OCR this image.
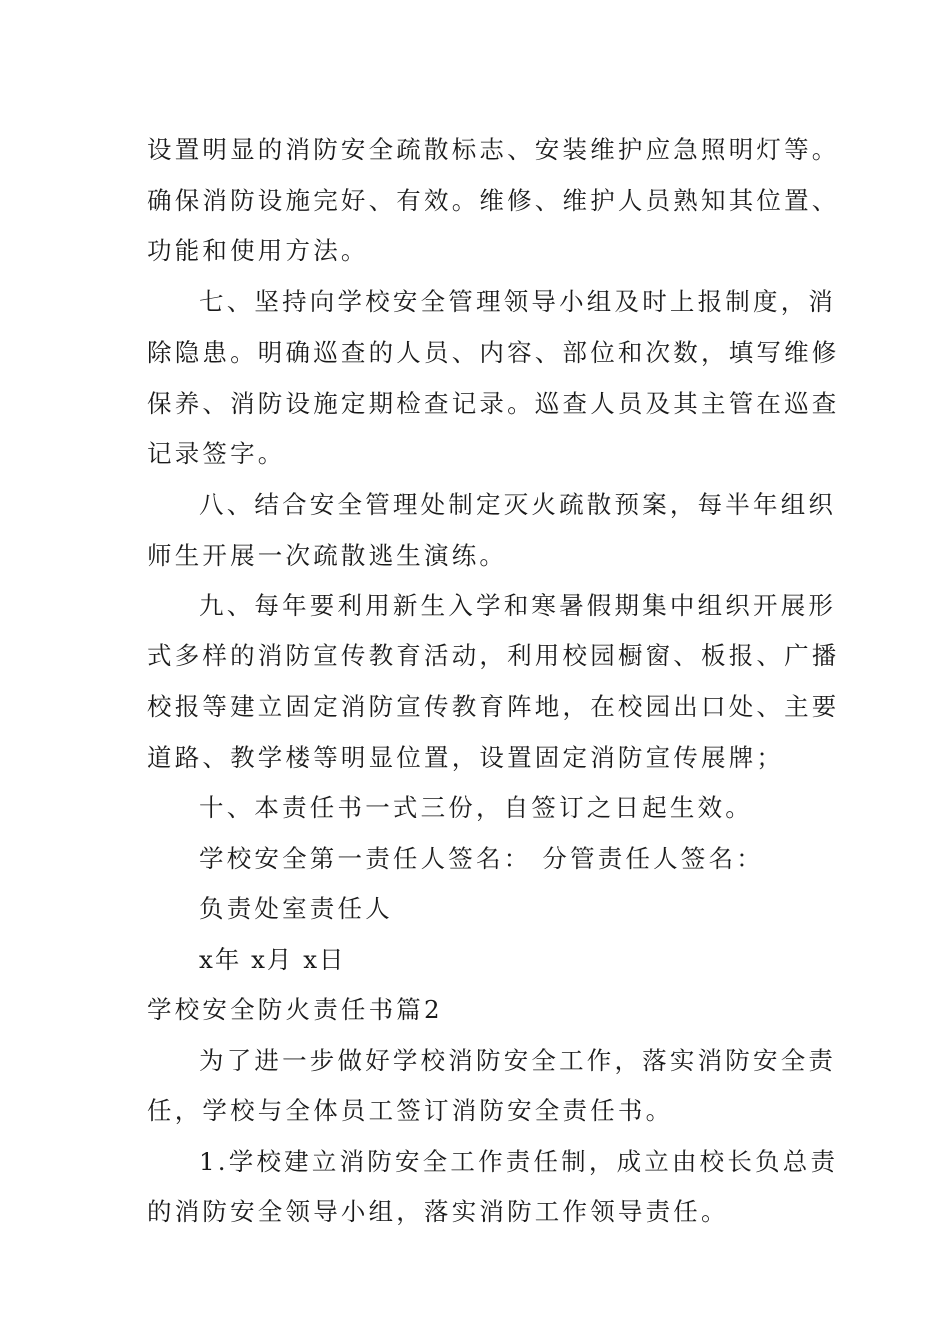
设置明显的消防安全疏散标志、安装维护应急照明灯等。
确保消防设施完好、有效。维修、维护人员熟知其位置、
功能和使用方法。
七、坚持向学校安全管理领导小组及时上报制度，消
除隐患。明确巡查的人员、内容、部位和次数，填写维修
保养、消防设施定期检查记录。巡查人员及其主管在巡查
记录签字。
八、结合安全管理处制定灭火疏散预案，每半年组织
师生开展一次疏散逃生演练。
九、每年要利用新生入学和寒暑假期集中组织开展形
式多样的消防宣传教育活动，利用校园橱窗、板报、广播
校报等建立固定消防宣传教育阵地，在校园出口处、主要
道路、教学楼等明显位置，设置固定消防宣传展牌；
十、本责任书一式三份，自签订之日起生效。
学校安全第一责任人签名： 分管责任人签名：
负责处室责任人
x年 x月 x日
学校安全防火责任书篇2
为了进一步做好学校消防安全工作，落实消防安全责
任，学校与全体员工签订消防安全责任书。
1.学校建立消防安全工作责任制，成立由校长负总责
的消防安全领导小组，落实消防工作领导责任。
